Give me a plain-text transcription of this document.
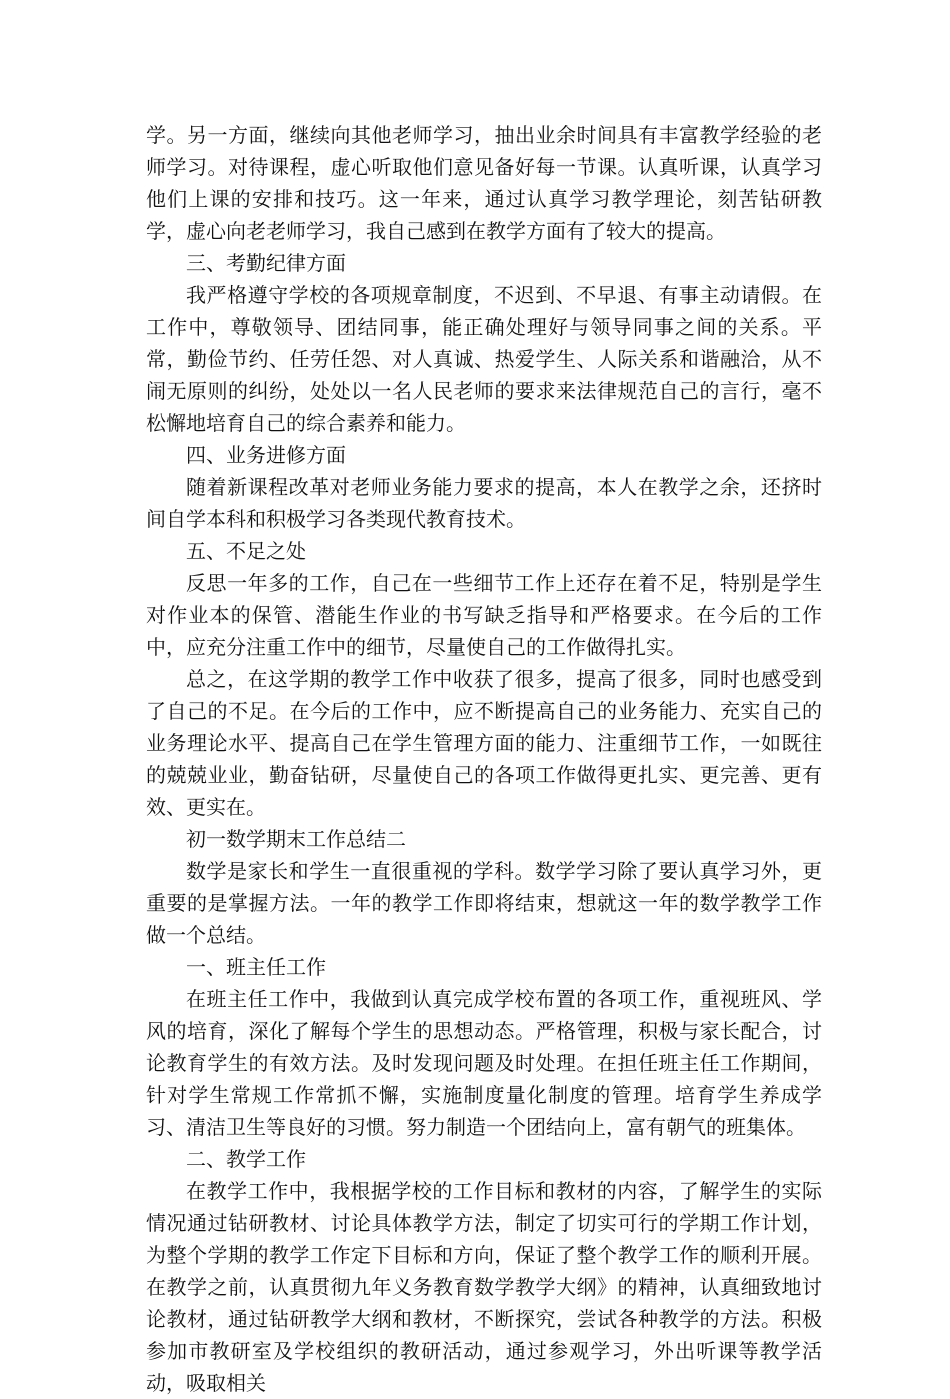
学。另一方面，继续向其他老师学习，抽出业余时间具有丰富教学经验的老师学习。对待课程，虚心听取他们意见备好每一节课。认真听课，认真学习他们上课的安排和技巧。这一年来，通过认真学习教学理论，刻苦钻研教学，虚心向老老师学习，我自己感到在教学方面有了较大的提高。

三、考勤纪律方面

我严格遵守学校的各项规章制度，不迟到、不早退、有事主动请假。在工作中，尊敬领导、团结同事，能正确处理好与领导同事之间的关系。平常，勤俭节约、任劳任怨、对人真诚、热爱学生、人际关系和谐融洽，从不闹无原则的纠纷，处处以一名人民老师的要求来法律规范自己的言行，毫不松懈地培育自己的综合素养和能力。

四、业务进修方面

随着新课程改革对老师业务能力要求的提高，本人在教学之余，还挤时间自学本科和积极学习各类现代教育技术。

五、不足之处

反思一年多的工作，自己在一些细节工作上还存在着不足，特别是学生对作业本的保管、潜能生作业的书写缺乏指导和严格要求。在今后的工作中，应充分注重工作中的细节，尽量使自己的工作做得扎实。

总之，在这学期的教学工作中收获了很多，提高了很多，同时也感受到了自己的不足。在今后的工作中，应不断提高自己的业务能力、充实自己的业务理论水平、提高自己在学生管理方面的能力、注重细节工作，一如既往的兢兢业业，勤奋钻研，尽量使自己的各项工作做得更扎实、更完善、更有效、更实在。

初一数学期末工作总结二

数学是家长和学生一直很重视的学科。数学学习除了要认真学习外，更重要的是掌握方法。一年的教学工作即将结束，想就这一年的数学教学工作做一个总结。

一、班主任工作

在班主任工作中，我做到认真完成学校布置的各项工作，重视班风、学风的培育，深化了解每个学生的思想动态。严格管理，积极与家长配合，讨论教育学生的有效方法。及时发现问题及时处理。在担任班主任工作期间，针对学生常规工作常抓不懈，实施制度量化制度的管理。培育学生养成学习、清洁卫生等良好的习惯。努力制造一个团结向上，富有朝气的班集体。

二、教学工作

在教学工作中，我根据学校的工作目标和教材的内容，了解学生的实际情况通过钻研教材、讨论具体教学方法，制定了切实可行的学期工作计划，为整个学期的教学工作定下目标和方向，保证了整个教学工作的顺利开展。在教学之前，认真贯彻九年义务教育数学教学大纲》的精神，认真细致地讨论教材，通过钻研教学大纲和教材，不断探究，尝试各种教学的方法。积极参加市教研室及学校组织的教研活动，通过参观学习，外出听课等教学活动，吸取相关
